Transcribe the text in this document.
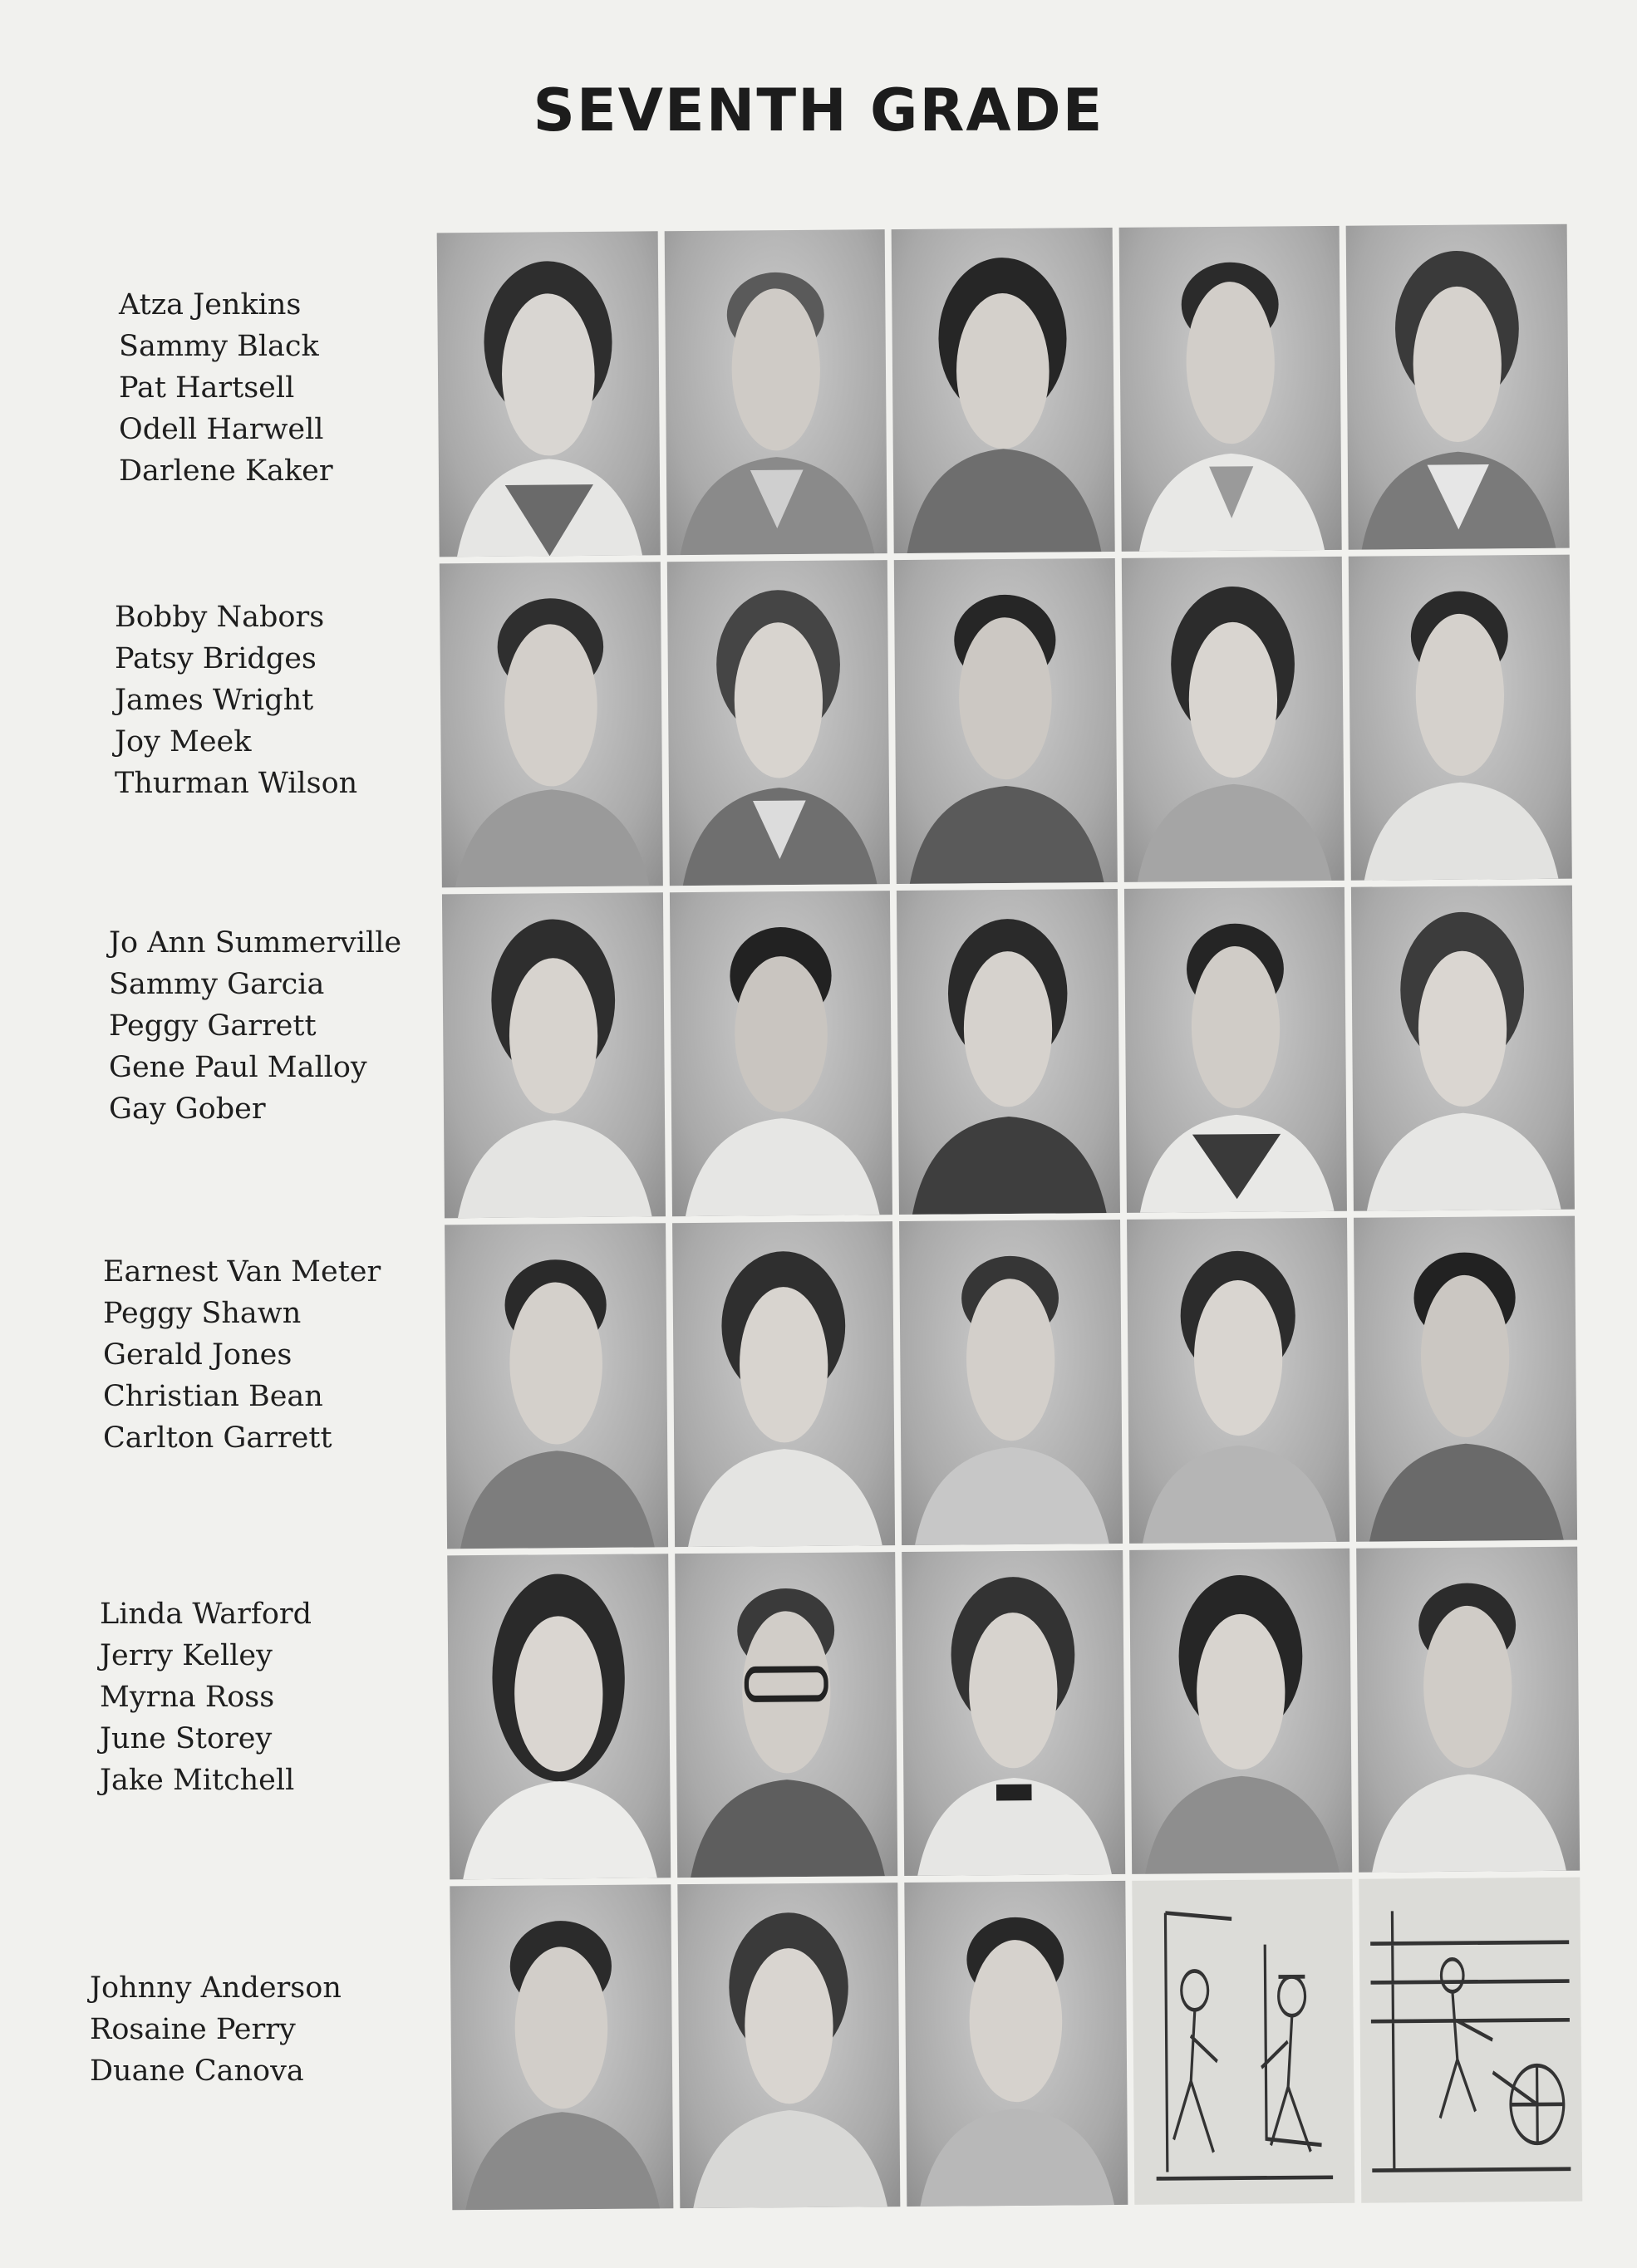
SEVENTH GRADE
Atza Jenkins
Sammy Black
Pat Hartsell
Odell Harwell
Darlene Kaker
Bobby Nabors
Patsy Bridges
James Wright
Joy Meek
Thurman Wilson
Jo Ann Summerville
Sammy Garcia
Peggy Garrett
Gene Paul Malloy
Gay Gober
Earnest Van Meter
Peggy Shawn
Gerald Jones
Christian Bean
Carlton Garrett
Linda Warford
Jerry Kelley
Myrna Ross
June Storey
Jake Mitchell
Johnny Anderson
Rosaine Perry
Duane Canova
